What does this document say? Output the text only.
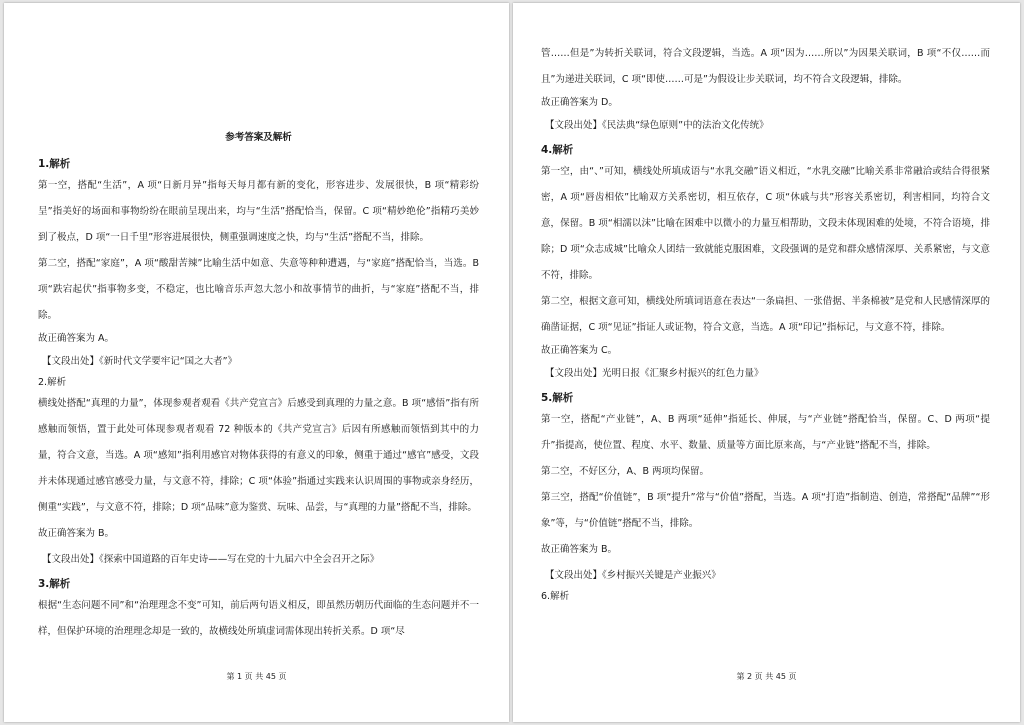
参考答案及解析
1.解析

第一空，搭配“生活”，A 项“日新月异”指每天每月都有新的变化，形容进步、发展很快，B 项“精彩纷呈”指美好的场面和事物纷纷在眼前呈现出来，均与“生活”搭配恰当，保留。C 项“精妙绝伦”指精巧美妙到了极点，D 项“一日千里”形容进展很快，侧重强调速度之快，均与“生活”搭配不当，排除。

第二空，搭配“家庭”，A 项“酸甜苦辣”比喻生活中如意、失意等种种遭遇，与“家庭”搭配恰当，当选。B 项“跌宕起伏”指事物多变，不稳定，也比喻音乐声忽大忽小和故事情节的曲折，与“家庭”搭配不当，排除。

故正确答案为 A。

【文段出处】《新时代文学要牢记“国之大者”》
2.解析

横线处搭配“真理的力量”，体现参观者观看《共产党宣言》后感受到真理的力量之意。B 项“感悟”指有所感触而领悟，置于此处可体现参观者观看 72 种版本的《共产党宣言》后因有所感触而领悟到其中的力量，符合文意，当选。A 项“感知”指利用感官对物体获得的有意义的印象，侧重于通过“感官”感受，文段并未体现通过感官感受力量，与文意不符，排除；C 项“体验”指通过实践来认识周围的事物或亲身经历，侧重“实践”，与文意不符，排除；D 项“品味”意为鉴赏、玩味、品尝，与“真理的力量”搭配不当，排除。

故正确答案为 B。

【文段出处】《探索中国道路的百年史诗——写在党的十九届六中全会召开之际》
3.解析

根据“生态问题不同”和“治理理念不变”可知，前后两句语义相反，即虽然历朝历代面临的生态问题并不一样，但保护环境的治理理念却是一致的，故横线处所填虚词需体现出转折关系。D 项“尽

第 1 页 共 45 页

管……但是”为转折关联词，符合文段逻辑，当选。A 项“因为……所以”为因果关联词，B 项“不仅……而且”为递进关联词，C 项“即使……可是”为假设让步关联词，均不符合文段逻辑，排除。

故正确答案为 D。

【文段出处】《民法典“绿色原则”中的法治文化传统》
4.解析

第一空，由“、”可知，横线处所填成语与“水乳交融”语义相近，“水乳交融”比喻关系非常融洽或结合得很紧密，A 项“唇齿相依”比喻双方关系密切，相互依存，C 项“休戚与共”形容关系密切，利害相同，均符合文意，保留。B 项“相濡以沫”比喻在困难中以微小的力量互相帮助，文段未体现困难的处境，不符合语境，排除；D 项“众志成城”比喻众人团结一致就能克服困难，文段强调的是党和群众感情深厚、关系紧密，与文意不符，排除。

第二空，根据文意可知，横线处所填词语意在表达“一条扁担、一张借据、半条棉被”是党和人民感情深厚的确凿证据，C 项“见证”指证人或证物，符合文意，当选。A 项“印记”指标记，与文意不符，排除。

故正确答案为 C。

【文段出处】光明日报《汇聚乡村振兴的红色力量》
5.解析

第一空，搭配“产业链”，A、B 两项“延伸”指延长、伸展，与“产业链”搭配恰当，保留。C、D 两项“提升”指提高，使位置、程度、水平、数量、质量等方面比原来高，与“产业链”搭配不当，排除。

第二空，不好区分，A、B 两项均保留。

第三空，搭配“价值链”，B 项“提升”常与“价值”搭配，当选。A 项“打造”指制造、创造，常搭配“品牌”“形象”等，与“价值链”搭配不当，排除。

故正确答案为 B。

【文段出处】《乡村振兴关键是产业振兴》
6.解析
第 2 页 共 45 页
